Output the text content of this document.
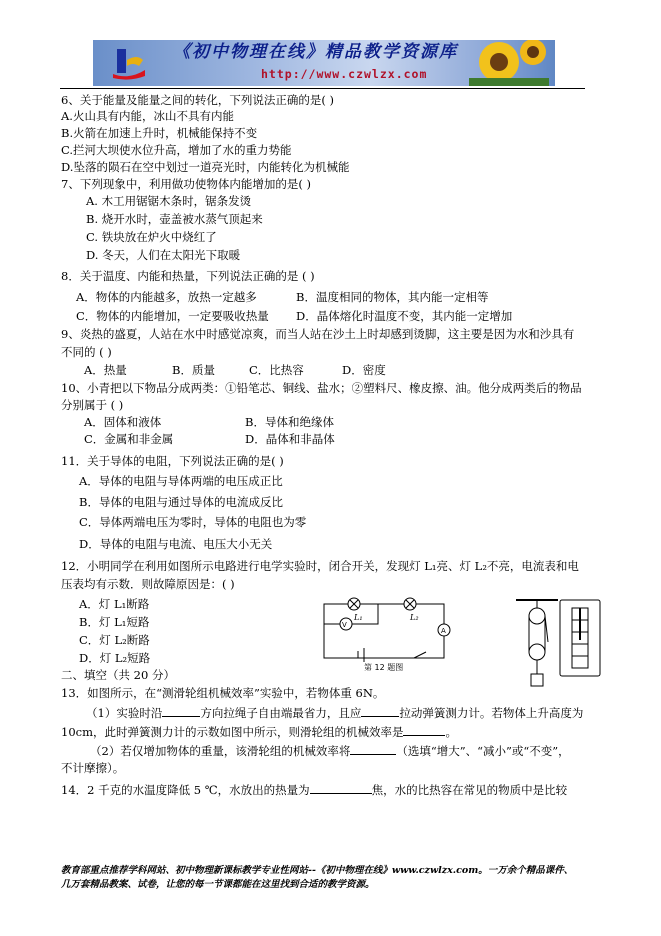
《初中物理在线》精品教学资源库
http://www.czwlzx.com
6、关于能量及能量之间的转化，下列说法正确的是( )
A.火山具有内能，冰山不具有内能
B.火箭在加速上升时，机械能保持不变
C.拦河大坝使水位升高，增加了水的重力势能
D.坠落的陨石在空中划过一道亮光时，内能转化为机械能
7、下列现象中，利用做功使物体内能增加的是( )
A. 木工用锯锯木条时，锯条发烫
B. 烧开水时，壶盖被水蒸气顶起来
C. 铁块放在炉火中烧红了
D. 冬天，人们在太阳光下取暖
8．关于温度、内能和热量，下列说法正确的是 ( )
A．物体的内能越多，放热一定越多	B．温度相同的物体，其内能一定相等
C．物体的内能增加，一定要吸收热量 D．晶体熔化时温度不变，其内能一定增加
9、炎热的盛夏，人站在水中时感觉凉爽，而当人站在沙土上时却感到烫脚，这主要是因为水和沙具有
不同的 ( )
A．热量	B．质量	C．比热容	D．密度
10、小青把以下物品分成两类：①铅笔芯、铜线、盐水；②塑料尺、橡皮擦、油。他分成两类后的物品
分别属于 ( )
A．固体和液体	B．导体和绝缘体
C．金属和非金属	D．晶体和非晶体
11．关于导体的电阻，下列说法正确的是( )
A．导体的电阻与导体两端的电压成正比
B．导体的电阻与通过导体的电流成反比
C．导体两端电压为零时，导体的电阻也为零
D．导体的电阻与电流、电压大小无关
12．小明同学在利用如图所示电路进行电学实验时，闭合开关，发现灯 L₁亮、灯 L₂不亮，电流表和电
压表均有示数．则故障原因是：( )
A．灯 L₁断路
B．灯 L₁短路
C．灯 L₂断路
D．灯 L₂短路
V
A
L₁	L₂
第 12 题图
二、填空（共 20 分）
13．如图所示，在“测滑轮组机械效率”实验中，若物体重 6N。
（1）实验时沿	方向拉绳子自由端最省力，且应	拉动弹簧测力计。若物体上升高度为
10cm，此时弹簧测力计的示数如图中所示，则滑轮组的机械效率是	。
（2）若仅增加物体的重量，该滑轮组的机械效率将	（选填“增大”、“减小”或“不变”，
不计摩擦）。
14．2 千克的水温度降低 5 ℃，水放出的热量为	焦，水的比热容在常见的物质中是比较
教育部重点推荐学科网站、初中物理新课标教学专业性网站--《初中物理在线》www.czwlzx.com。一万余个精品课件、
几万套精品教案、试卷，让您的每一节课都能在这里找到合适的教学资源。
